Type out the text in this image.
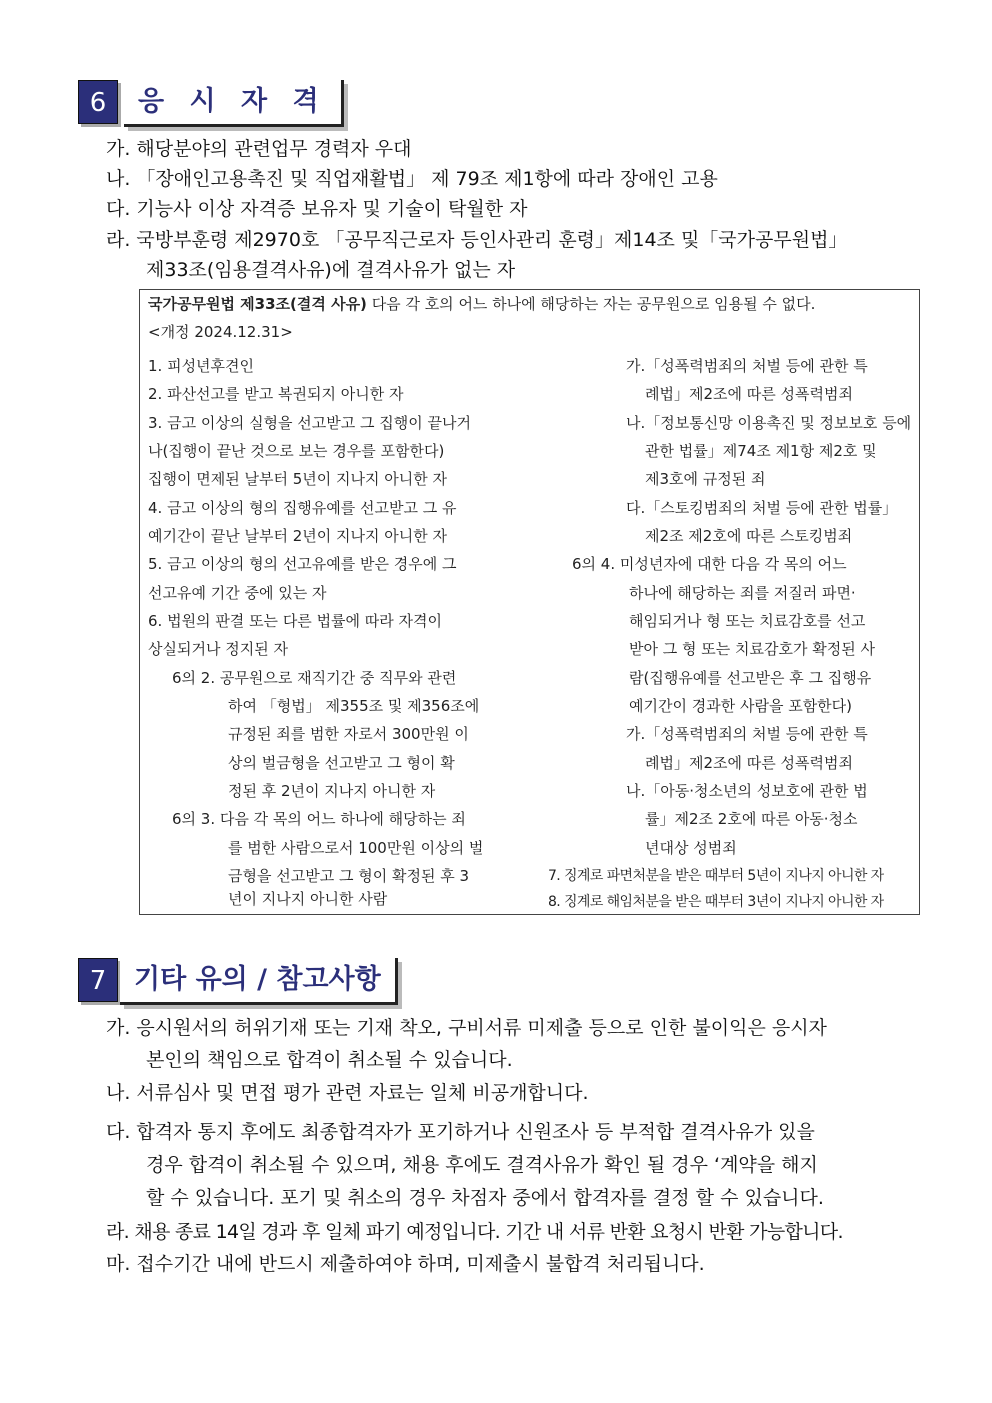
6	응 시 자 격
가. 해당분야의 관련업무 경력자 우대
나. 「장애인고용촉진 및 직업재활법」 제 79조 제1항에 따라 장애인 고용
다. 기능사 이상 자격증 보유자 및 기술이 탁월한 자
라. 국방부훈령 제2970호 「공무직근로자 등인사관리 훈령」제14조 및「국가공무원법」
제33조(임용결격사유)에 결격사유가 없는 자
국가공무원법 제33조(결격 사유) 다음 각 호의 어느 하나에 해당하는 자는 공무원으로 임용될 수 없다.
<개정 2024.12.31>
1. 피성년후견인
2. 파산선고를 받고 복권되지 아니한 자
3. 금고 이상의 실형을 선고받고 그 집행이 끝나거
나(집행이 끝난 것으로 보는 경우를 포함한다)
집행이 면제된 날부터 5년이 지나지 아니한 자
4. 금고 이상의 형의 집행유예를 선고받고 그 유
예기간이 끝난 날부터 2년이 지나지 아니한 자
5. 금고 이상의 형의 선고유예를 받은 경우에 그
선고유예 기간 중에 있는 자
6. 법원의 판결 또는 다른 법률에 따라 자격이
상실되거나 정지된 자
6의 2. 공무원으로 재직기간 중 직무와 관련
하여 「형법」 제355조 및 제356조에
규정된 죄를 범한 자로서 300만원 이
상의 벌금형을 선고받고 그 형이 확
정된 후 2년이 지나지 아니한 자
6의 3. 다음 각 목의 어느 하나에 해당하는 죄
를 범한 사람으로서 100만원 이상의 벌
금형을 선고받고 그 형이 확정된 후 3
년이 지나지 아니한 사람
가.「성폭력범죄의 처벌 등에 관한 특
례법」제2조에 따른 성폭력범죄
나.「정보통신망 이용촉진 및 정보보호 등에
관한 법률」제74조 제1항 제2호 및
제3호에 규정된 죄
다.「스토킹범죄의 처벌 등에 관한 법률」
제2조 제2호에 따른 스토킹범죄
6의 4. 미성년자에 대한 다음 각 목의 어느
하나에 해당하는 죄를 저질러 파면·
해임되거나 형 또는 치료감호를 선고
받아 그 형 또는 치료감호가 확정된 사
람(집행유예를 선고받은 후 그 집행유
예기간이 경과한 사람을 포함한다)
가.「성폭력범죄의 처벌 등에 관한 특
례법」제2조에 따른 성폭력범죄
나.「아동·청소년의 성보호에 관한 법
률」제2조 2호에 따른 아동·청소
년대상 성범죄
7. 징계로 파면처분을 받은 때부터 5년이 지나지 아니한 자
8. 징계로 해임처분을 받은 때부터 3년이 지나지 아니한 자
7	기타 유의 / 참고사항
가. 응시원서의 허위기재 또는 기재 착오, 구비서류 미제출 등으로 인한 불이익은 응시자
본인의 책임으로 합격이 취소될 수 있습니다.
나. 서류심사 및 면접 평가 관련 자료는 일체 비공개합니다.
다. 합격자 통지 후에도 최종합격자가 포기하거나 신원조사 등 부적합 결격사유가 있을
경우 합격이 취소될 수 있으며, 채용 후에도 결격사유가 확인 될 경우 ‘계약을 해지
할 수 있습니다. 포기 및 취소의 경우 차점자 중에서 합격자를 결정 할 수 있습니다.
라. 채용 종료 14일 경과 후 일체 파기 예정입니다. 기간 내 서류 반환 요청시 반환 가능합니다.
마. 접수기간 내에 반드시 제출하여야 하며, 미제출시 불합격 처리됩니다.
